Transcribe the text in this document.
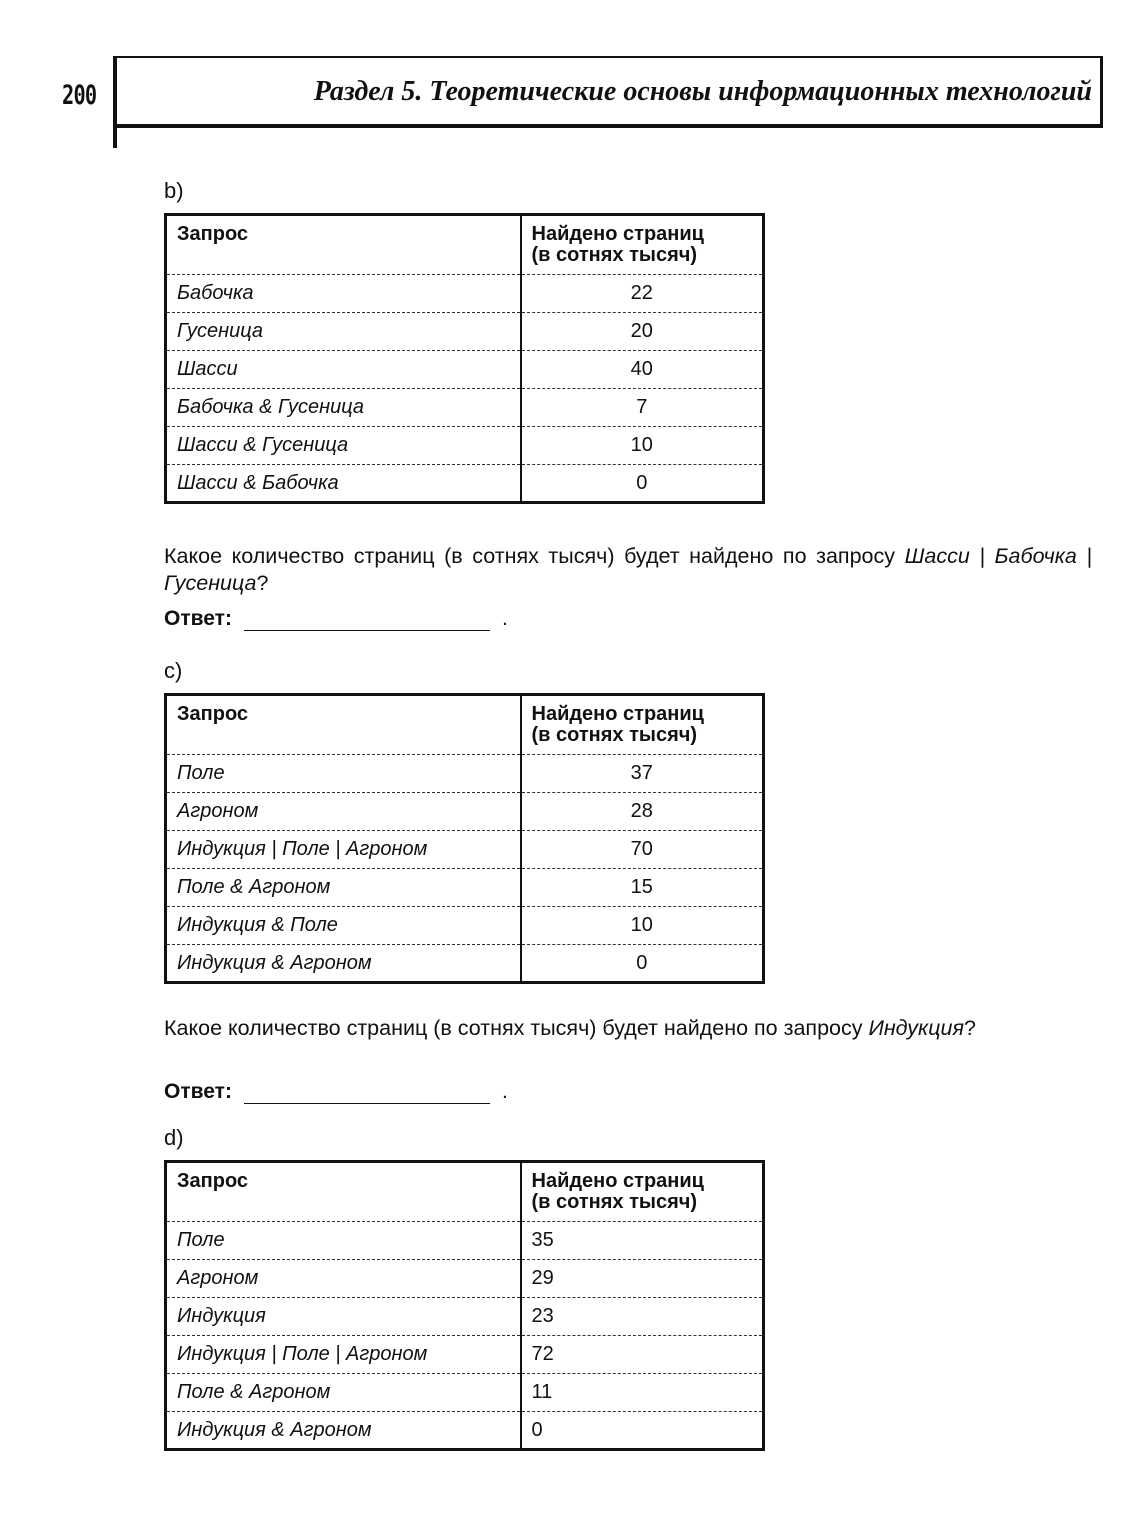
200	Раздел 5. Теоретические основы информационных технологий
b)
Запрос	Найдено страниц
(в сотнях тысяч)
Бабочка	22
Гусеница	20
Шасси	40
Бабочка & Гусеница	7
Шасси & Гусеница	10
Шасси & Бабочка	0
Какое количество страниц (в сотнях тысяч) будет найдено по запросу Шасси | Бабочка | Гусеница?
Ответ:	.
c)
Запрос	Найдено страниц
(в сотнях тысяч)
Поле	37
Агроном	28
Индукция | Поле | Агроном	70
Поле & Агроном	15
Индукция & Поле	10
Индукция & Агроном	0
Какое количество страниц (в сотнях тысяч) будет найдено по запросу Индукция?
Ответ:	.
d)
Запрос	Найдено страниц
(в сотнях тысяч)
Поле	35
Агроном	29
Индукция	23
Индукция | Поле | Агроном	72
Поле & Агроном	11
Индукция & Агроном	0
